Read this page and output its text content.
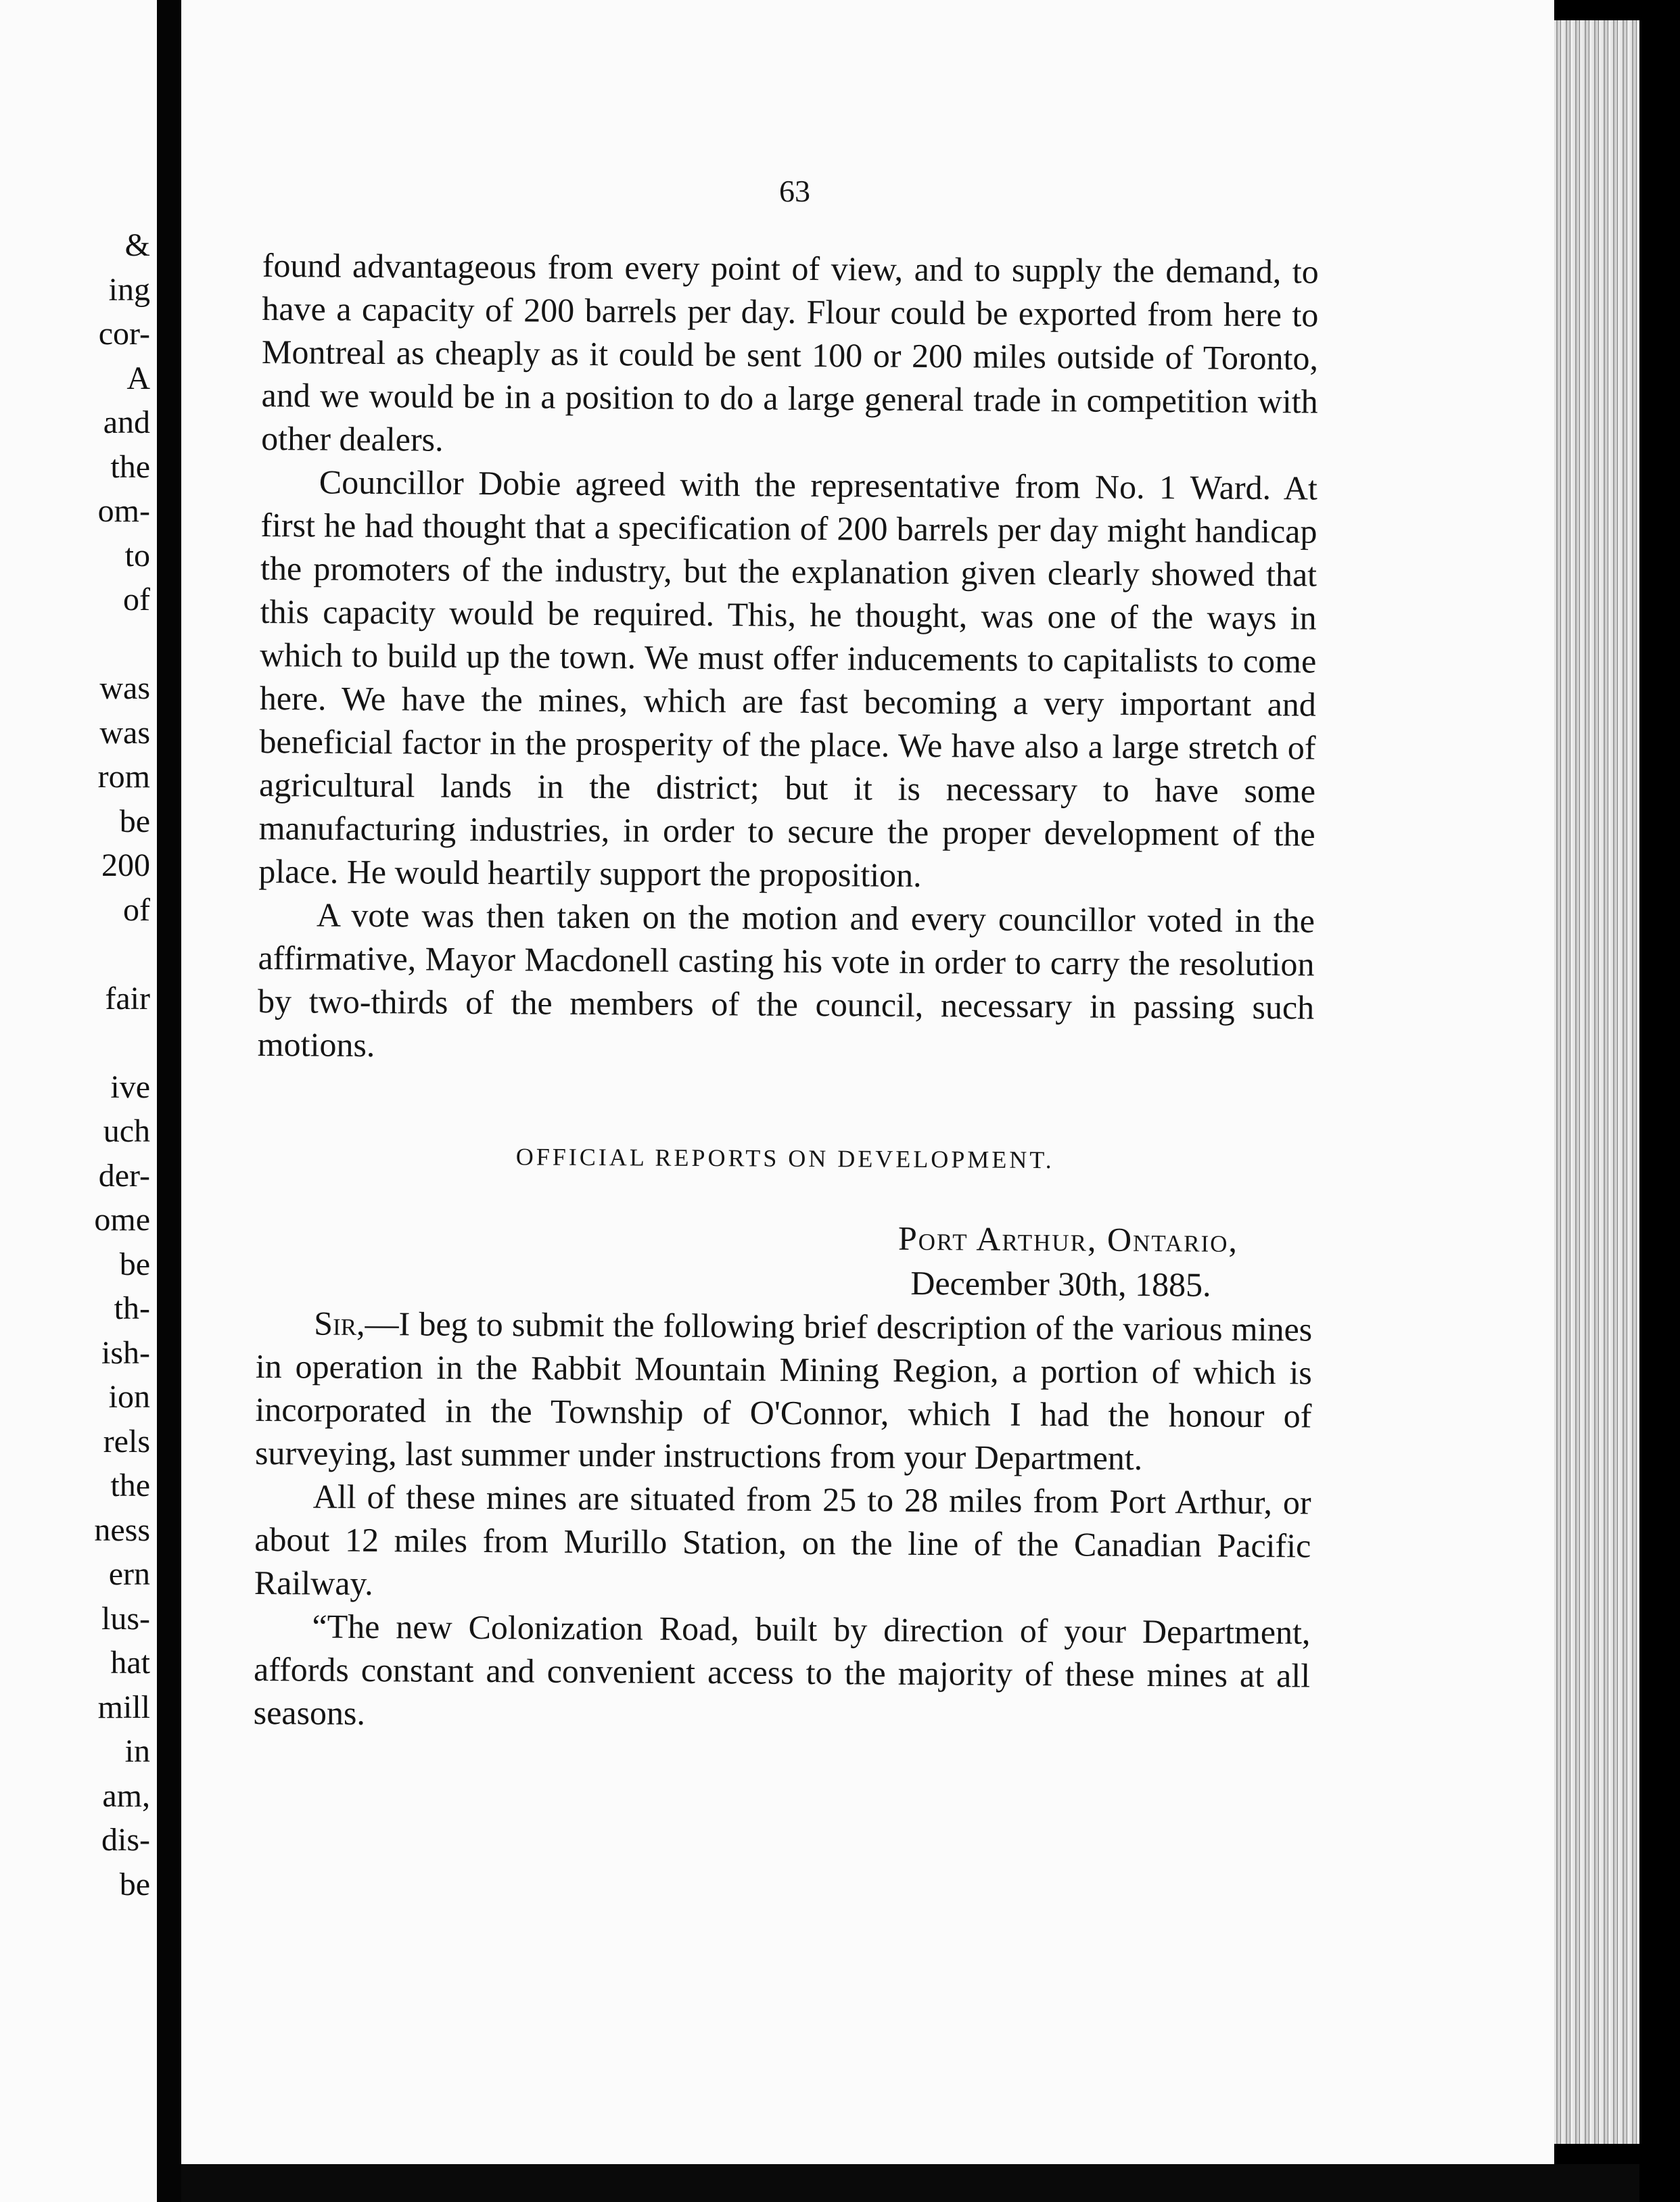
&
ing
cor-
A
and
the
om-
to
of
was
was
rom
be
200
of
fair
ive
uch
der-
ome
be
th-
ish-
ion
rels
the
ness
ern
lus-
hat
mill
in
am,
dis-
be
63

found advantageous from every point of view, and to supply the demand, to have a capacity of 200 barrels per day. Flour could be exported from here to Montreal as cheaply as it could be sent 100 or 200 miles outside of Toronto, and we would be in a position to do a large general trade in competition with other dealers.

Councillor Dobie agreed with the representative from No. 1 Ward. At first he had thought that a specification of 200 barrels per day might handicap the promoters of the industry, but the explanation given clearly showed that this capacity would be required. This, he thought, was one of the ways in which to build up the town. We must offer inducements to capitalists to come here. We have the mines, which are fast becoming a very important and beneficial factor in the prosperity of the place. We have also a large stretch of agricultural lands in the district; but it is necessary to have some manufacturing industries, in order to secure the proper development of the place. He would heartily support the proposition.

A vote was then taken on the motion and every councillor voted in the affirmative, Mayor Macdonell casting his vote in order to carry the resolution by two-thirds of the members of the council, necessary in passing such motions.

OFFICIAL REPORTS ON DEVELOPMENT.
Port Arthur, Ontario,
December 30th, 1885.

Sir,—I beg to submit the following brief description of the various mines in operation in the Rabbit Mountain Mining Region, a portion of which is incorporated in the Township of O'Connor, which I had the honour of surveying, last summer under instructions from your Department.

All of these mines are situated from 25 to 28 miles from Port Arthur, or about 12 miles from Murillo Station, on the line of the Canadian Pacific Railway.

“The new Colonization Road, built by direction of your Department, affords constant and convenient access to the majority of these mines at all seasons.
